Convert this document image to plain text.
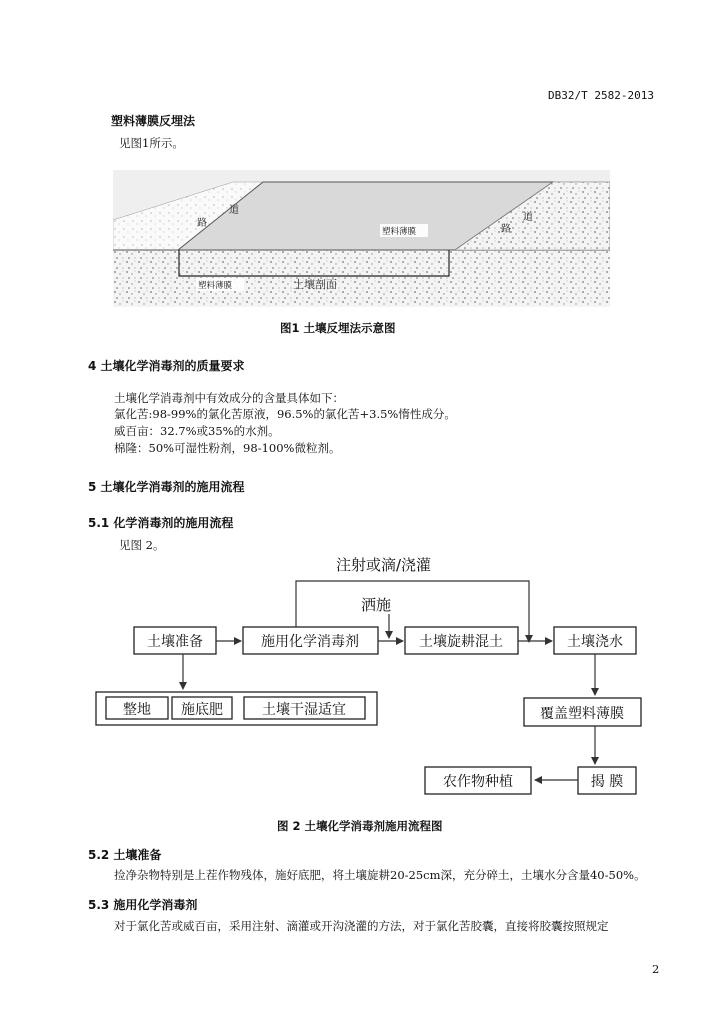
DB32/T 2582-2013
塑料薄膜反埋法
见图1所示。
道
路
道
路
塑料薄膜
塑料薄膜	土壤剖面
图1 土壤反埋法示意图
4 土壤化学消毒剂的质量要求
土壤化学消毒剂中有效成分的含量具体如下：
氯化苦:98-99%的氯化苦原液，96.5%的氯化苦+3.5%惰性成分。
威百亩：32.7%或35%的水剂。
棉隆：50%可湿性粉剂，98-100%微粒剂。
5 土壤化学消毒剂的施用流程
5.1 化学消毒剂的施用流程
见图 2。
注射或滴/浇灌
洒施
土壤准备	施用化学消毒剂	土壤旋耕混土	土壤浇水
整地 施底肥	土壤干湿适宜	覆盖塑料薄膜
揭 膜
农作物种植
图 2 土壤化学消毒剂施用流程图
5.2 土壤准备
捡净杂物特别是上茬作物残体，施好底肥，将土壤旋耕20-25cm深，充分碎土，土壤水分含量40-50%。
5.3 施用化学消毒剂
对于氯化苦或威百亩，采用注射、滴灌或开沟浇灌的方法，对于氯化苦胶囊，直接将胶囊按照规定
2
